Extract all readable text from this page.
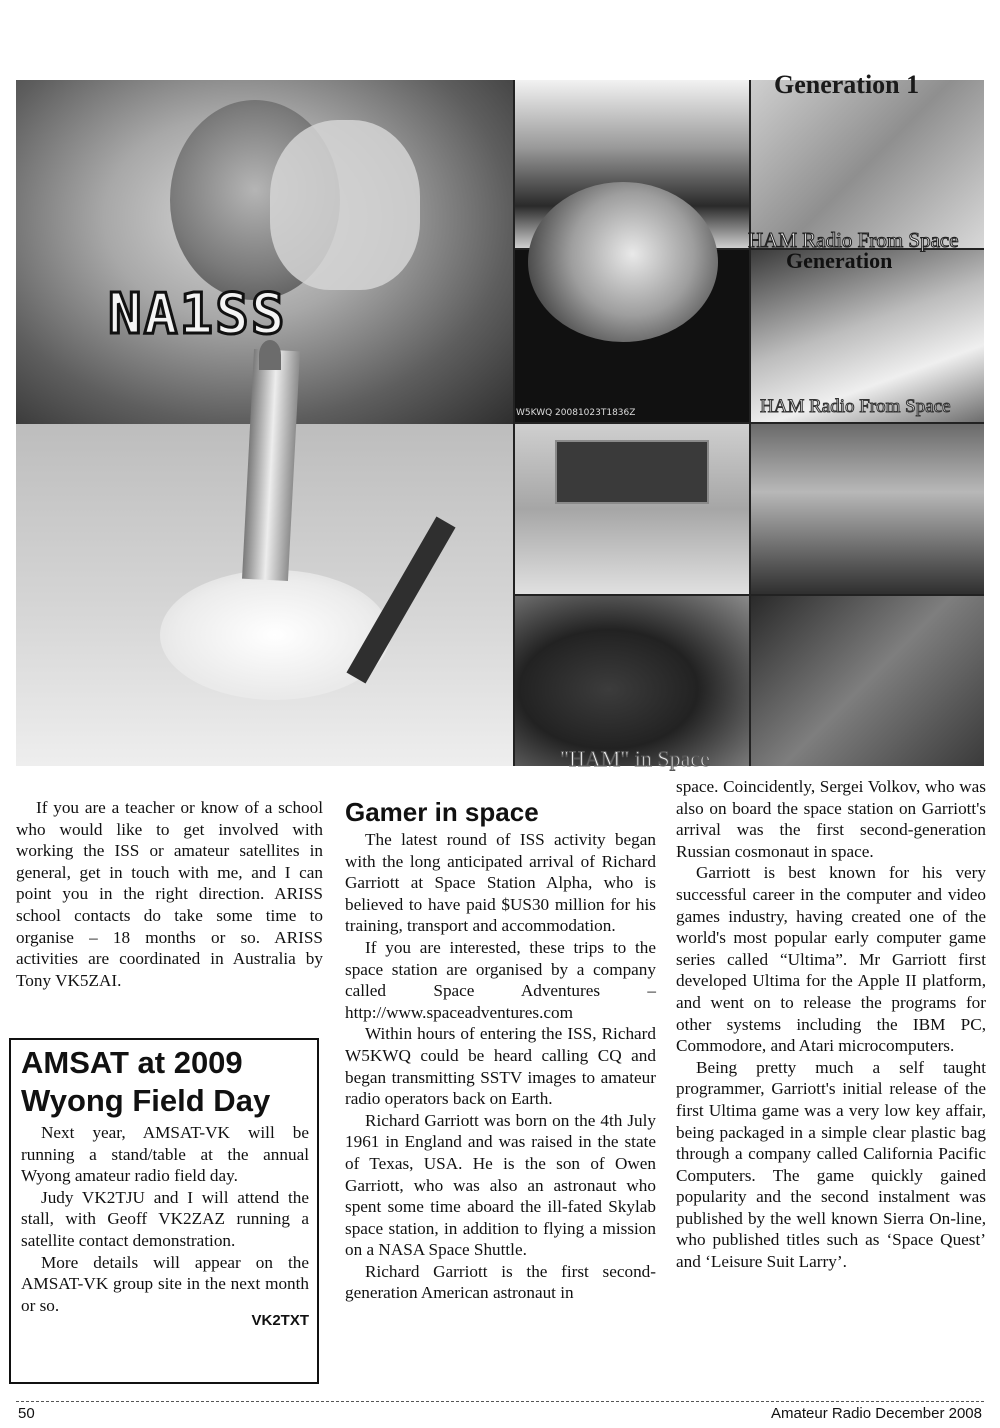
NA1SS
Generation 1
HAM Radio From Space
Generation
W5KWQ 20081023T1836Z	HAM Radio From Space
"HAM" in Space

If you are a teacher or know of a school who would like to get involved with working the ISS or amateur satellites in general, get in touch with me, and I can point you in the right direction. ARISS school contacts do take some time to organise – 18 months or so. ARISS activities are coordinated in Australia by Tony VK5ZAI.

AMSAT at 2009 Wyong Field Day

Next year, AMSAT-VK will be running a stand/table at the annual Wyong amateur radio field day.

Judy VK2TJU and I will attend the stall, with Geoff VK2ZAZ running a satellite contact demonstration.

More details will appear on the AMSAT-VK group site in the next month or so.

VK2TXT
Gamer in space

The latest round of ISS activity began with the long anticipated arrival of Richard Garriott at Space Station Alpha, who is believed to have paid $US30 million for his training, transport and accommodation.

If you are interested, these trips to the space station are organised by a company called Space Adventures – http://www.spaceadventures.com

Within hours of entering the ISS, Richard W5KWQ could be heard calling CQ and began transmitting SSTV images to amateur radio operators back on Earth.

Richard Garriott was born on the 4th July 1961 in England and was raised in the state of Texas, USA. He is the son of Owen Garriott, who was also an astronaut who spent some time aboard the ill-fated Skylab space station, in addition to flying a mission on a NASA Space Shuttle.

Richard Garriott is the first second-generation American astronaut in

space. Coincidently, Sergei Volkov, who was also on board the space station on Garriott's arrival was the first second-generation Russian cosmonaut in space.

Garriott is best known for his very successful career in the computer and video games industry, having created one of the world's most popular early computer game series called “Ultima”. Mr Garriott first developed Ultima for the Apple II platform, and went on to release the programs for other systems including the IBM PC, Commodore, and Atari microcomputers.

Being pretty much a self taught programmer, Garriott's initial release of the first Ultima game was a very low key affair, being packaged in a simple clear plastic bag through a company called California Pacific Computers. The game quickly gained popularity and the second instalment was published by the well known Sierra On-line, who published titles such as ‘Space Quest’ and ‘Leisure Suit Larry’.

50	Amateur Radio December 2008
